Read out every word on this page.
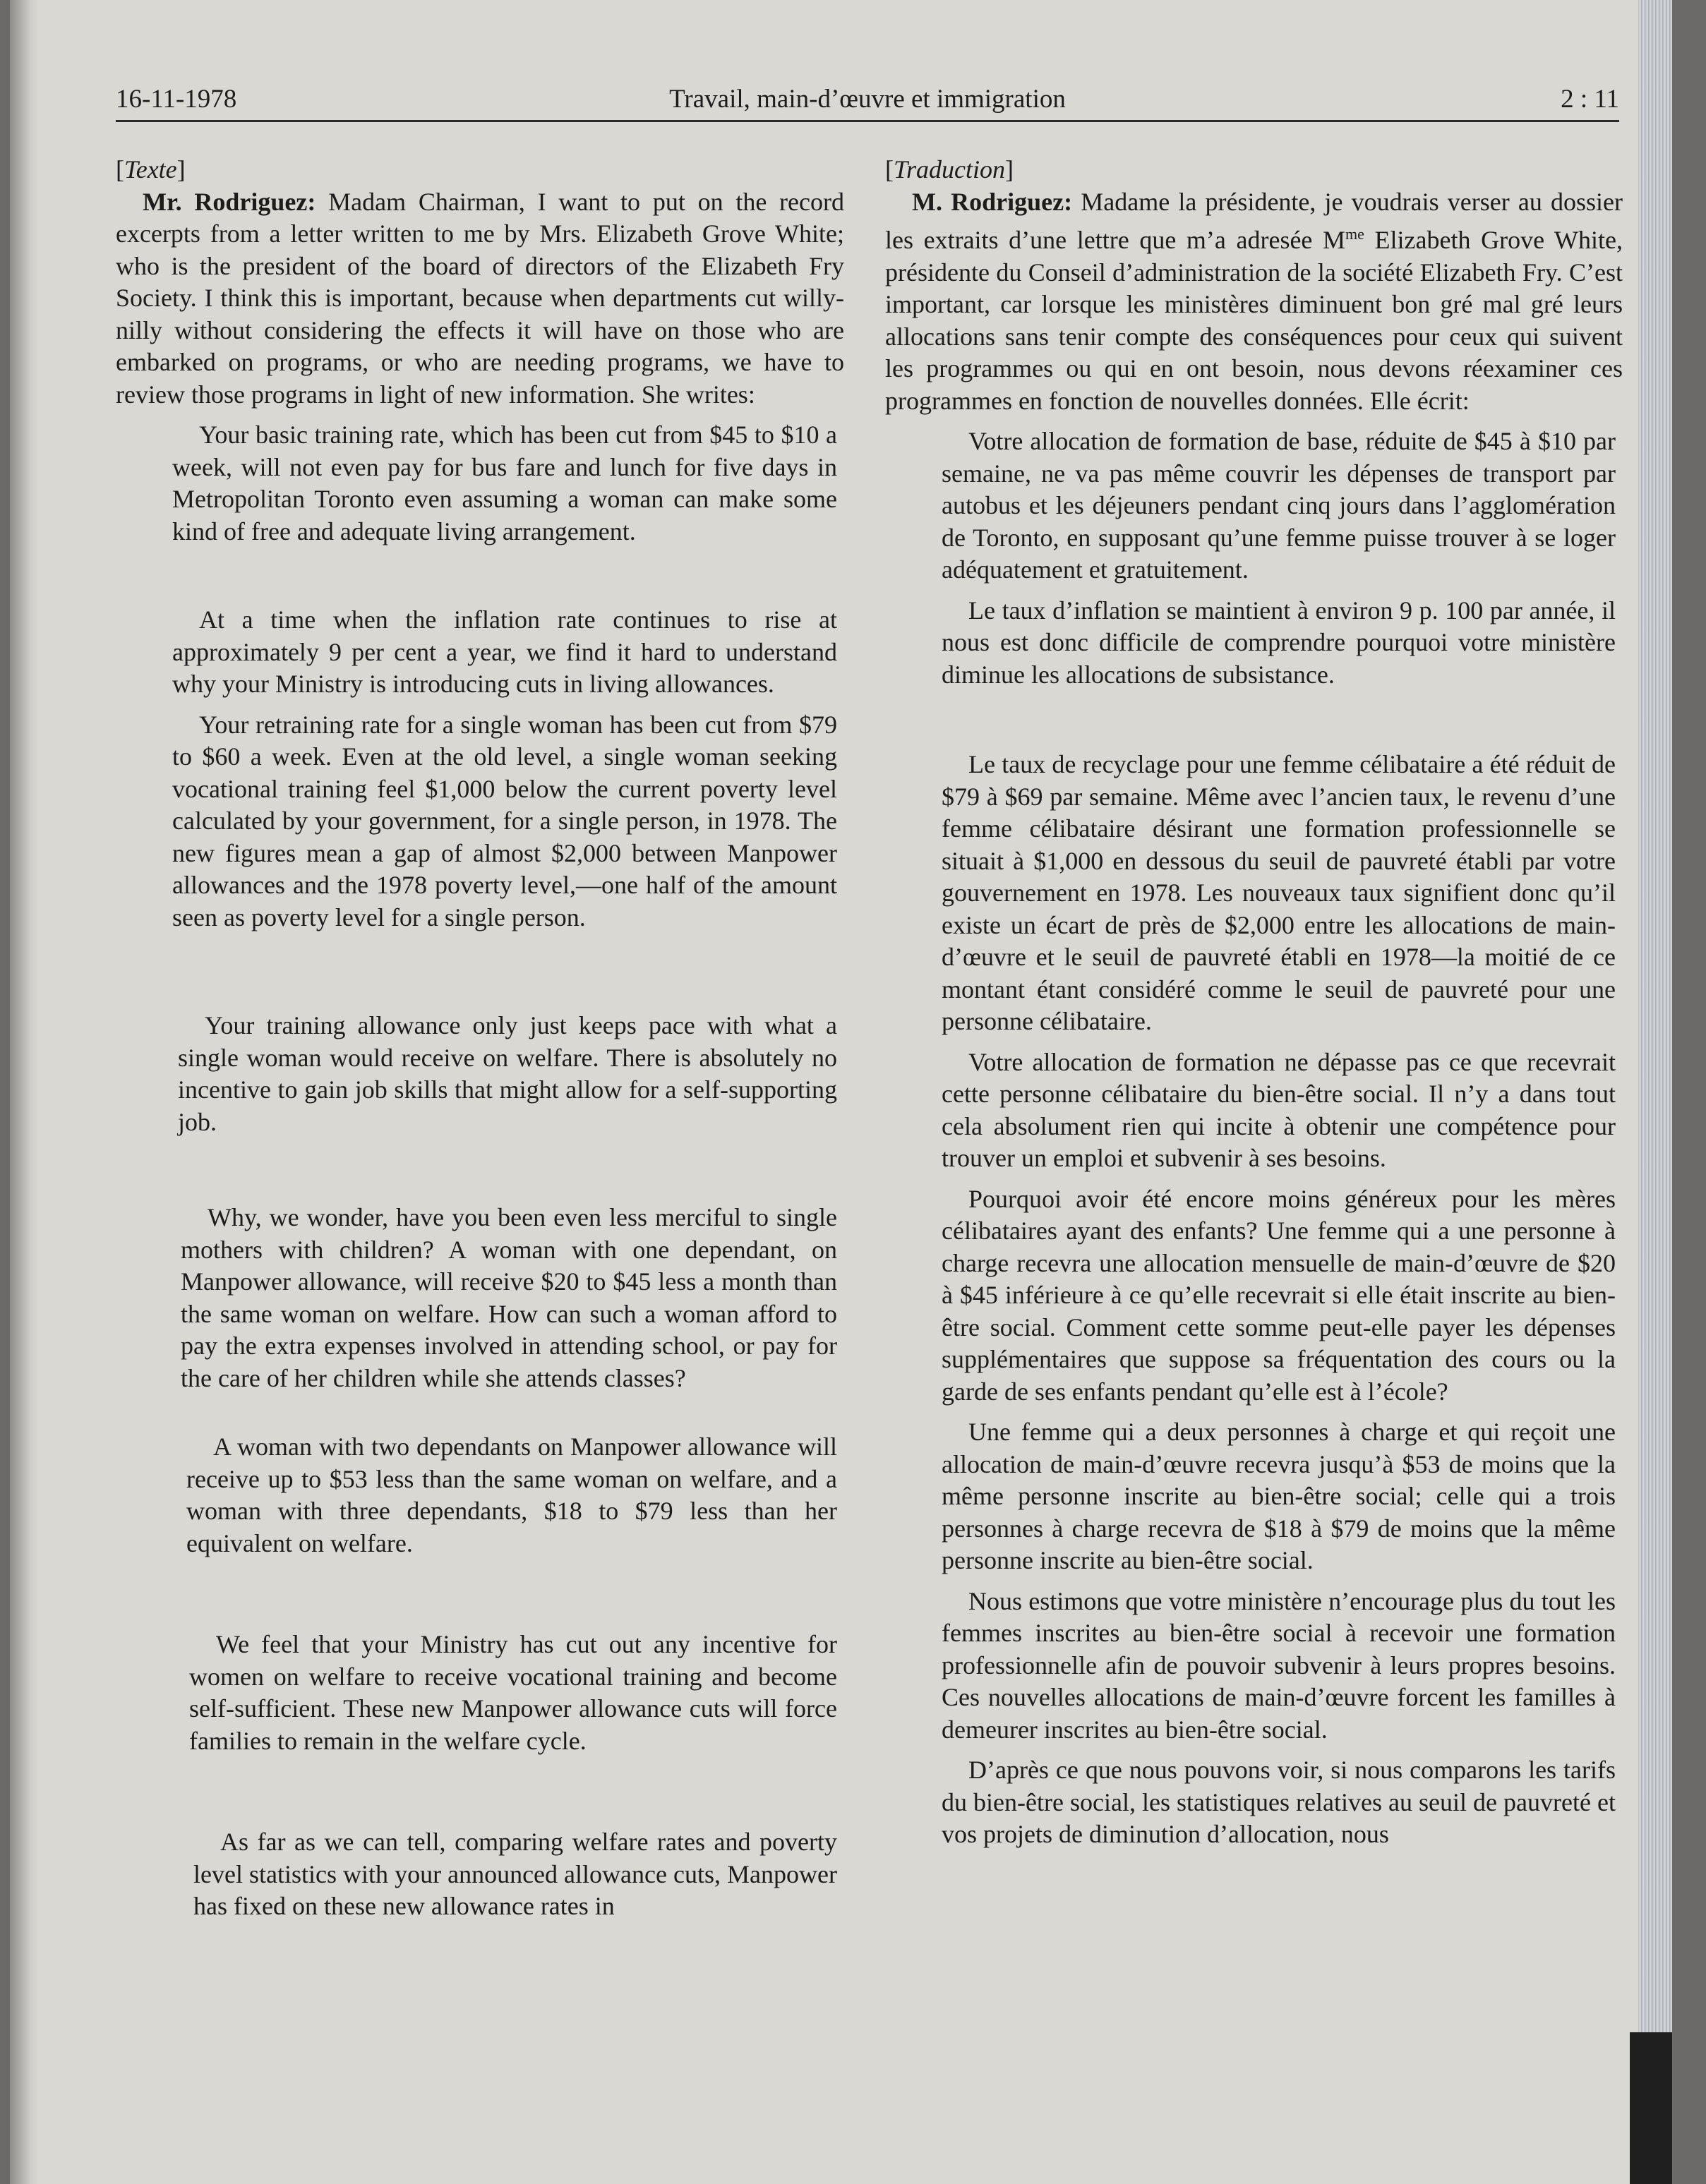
16-11-1978	Travail, main-d’œuvre et immigration	2 : 11

[Texte]

Mr. Rodriguez: Madam Chairman, I want to put on the record excerpts from a letter written to me by Mrs. Elizabeth Grove White; who is the president of the board of directors of the Elizabeth Fry Society. I think this is important, because when departments cut willy-nilly without considering the effects it will have on those who are embarked on programs, or who are needing programs, we have to review those programs in light of new information. She writes:

Your basic training rate, which has been cut from $45 to $10 a week, will not even pay for bus fare and lunch for five days in Metropolitan Toronto even assuming a woman can make some kind of free and adequate living arrangement.

At a time when the inflation rate continues to rise at approximately 9 per cent a year, we find it hard to understand why your Ministry is introducing cuts in living allowances.

Your retraining rate for a single woman has been cut from $79 to $60 a week. Even at the old level, a single woman seeking vocational training feel $1,000 below the current poverty level calculated by your government, for a single person, in 1978. The new figures mean a gap of almost $2,000 between Manpower allowances and the 1978 poverty level,—one half of the amount seen as poverty level for a single person.

Your training allowance only just keeps pace with what a single woman would receive on welfare. There is absolutely no incentive to gain job skills that might allow for a self-supporting job.

Why, we wonder, have you been even less merciful to single mothers with children? A woman with one dependant, on Manpower allowance, will receive $20 to $45 less a month than the same woman on welfare. How can such a woman afford to pay the extra expenses involved in attending school, or pay for the care of her children while she attends classes?

A woman with two dependants on Manpower allowance will receive up to $53 less than the same woman on welfare, and a woman with three dependants, $18 to $79 less than her equivalent on welfare.

We feel that your Ministry has cut out any incentive for women on welfare to receive vocational training and become self-sufficient. These new Manpower allowance cuts will force families to remain in the welfare cycle.

As far as we can tell, comparing welfare rates and poverty level statistics with your announced allowance cuts, Manpower has fixed on these new allowance rates in

[Traduction]

M. Rodriguez: Madame la présidente, je voudrais verser au dossier les extraits d’une lettre que m’a adresée $M^{me}$ Elizabeth Grove White, présidente du Conseil d’administration de la société Elizabeth Fry. C’est important, car lorsque les ministères diminuent bon gré mal gré leurs allocations sans tenir compte des conséquences pour ceux qui suivent les programmes ou qui en ont besoin, nous devons réexaminer ces programmes en fonction de nouvelles données. Elle écrit:

Votre allocation de formation de base, réduite de $45 à $10 par semaine, ne va pas même couvrir les dépenses de transport par autobus et les déjeuners pendant cinq jours dans l’agglomération de Toronto, en supposant qu’une femme puisse trouver à se loger adéquatement et gratuitement.

Le taux d’inflation se maintient à environ 9 p. 100 par année, il nous est donc difficile de comprendre pourquoi votre ministère diminue les allocations de subsistance.

Le taux de recyclage pour une femme célibataire a été réduit de $79 à $69 par semaine. Même avec l’ancien taux, le revenu d’une femme célibataire désirant une formation professionnelle se situait à $1,000 en dessous du seuil de pauvreté établi par votre gouvernement en 1978. Les nouveaux taux signifient donc qu’il existe un écart de près de $2,000 entre les allocations de main-d’œuvre et le seuil de pauvreté établi en 1978—la moitié de ce montant étant considéré comme le seuil de pauvreté pour une personne célibataire.

Votre allocation de formation ne dépasse pas ce que recevrait cette personne célibataire du bien-être social. Il n’y a dans tout cela absolument rien qui incite à obtenir une compétence pour trouver un emploi et subvenir à ses besoins.

Pourquoi avoir été encore moins généreux pour les mères célibataires ayant des enfants? Une femme qui a une personne à charge recevra une allocation mensuelle de main-d’œuvre de $20 à $45 inférieure à ce qu’elle recevrait si elle était inscrite au bien-être social. Comment cette somme peut-elle payer les dépenses supplémentaires que suppose sa fréquentation des cours ou la garde de ses enfants pendant qu’elle est à l’école?

Une femme qui a deux personnes à charge et qui reçoit une allocation de main-d’œuvre recevra jusqu’à $53 de moins que la même personne inscrite au bien-être social; celle qui a trois personnes à charge recevra de $18 à $79 de moins que la même personne inscrite au bien-être social.

Nous estimons que votre ministère n’encourage plus du tout les femmes inscrites au bien-être social à recevoir une formation professionnelle afin de pouvoir subvenir à leurs propres besoins. Ces nouvelles allocations de main-d’œuvre forcent les familles à demeurer inscrites au bien-être social.

D’après ce que nous pouvons voir, si nous comparons les tarifs du bien-être social, les statistiques relatives au seuil de pauvreté et vos projets de diminution d’allocation, nous
